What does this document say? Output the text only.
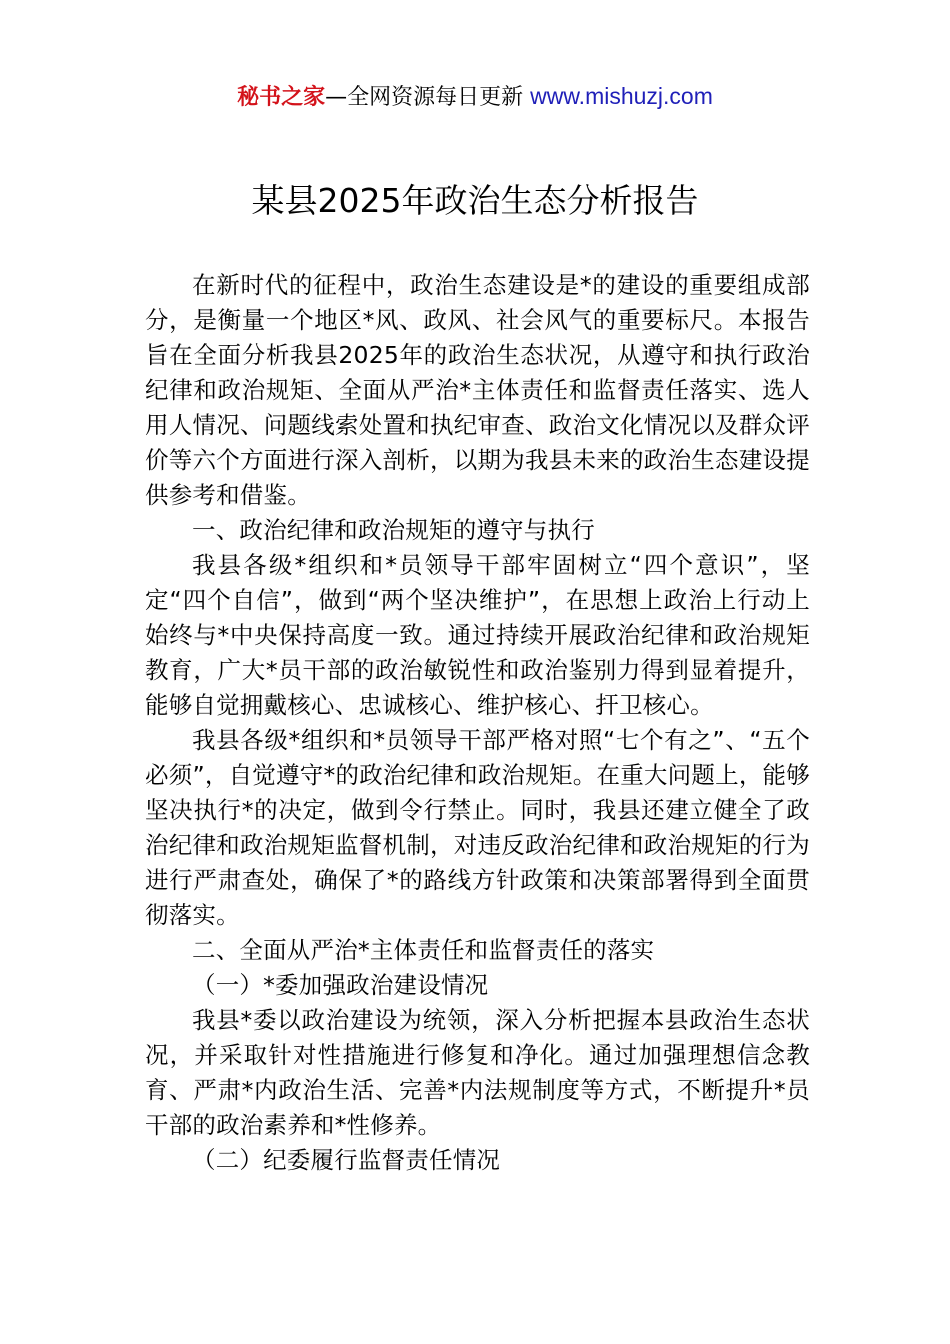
秘书之家—全网资源每日更新 www.mishuzj.com
某县2025年政治生态分析报告

在新时代的征程中，政治生态建设是*的建设的重要组成部分，是衡量一个地区*风、政风、社会风气的重要标尺。本报告旨在全面分析我县2025年的政治生态状况，从遵守和执行政治纪律和政治规矩、全面从严治*主体责任和监督责任落实、选人用人情况、问题线索处置和执纪审查、政治文化情况以及群众评价等六个方面进行深入剖析，以期为我县未来的政治生态建设提供参考和借鉴。

一、政治纪律和政治规矩的遵守与执行

我县各级*组织和*员领导干部牢固树立“四个意识”，坚定“四个自信”，做到“两个坚决维护”，在思想上政治上行动上始终与*中央保持高度一致。通过持续开展政治纪律和政治规矩教育，广大*员干部的政治敏锐性和政治鉴别力得到显着提升，能够自觉拥戴核心、忠诚核心、维护核心、扞卫核心。

我县各级*组织和*员领导干部严格对照“七个有之”、“五个必须”，自觉遵守*的政治纪律和政治规矩。在重大问题上，能够坚决执行*的决定，做到令行禁止。同时，我县还建立健全了政治纪律和政治规矩监督机制，对违反政治纪律和政治规矩的行为进行严肃查处，确保了*的路线方针政策和决策部署得到全面贯彻落实。

二、全面从严治*主体责任和监督责任的落实

（一）*委加强政治建设情况

我县*委以政治建设为统领，深入分析把握本县政治生态状况，并采取针对性措施进行修复和净化。通过加强理想信念教育、严肃*内政治生活、完善*内法规制度等方式，不断提升*员干部的政治素养和*性修养。

（二）纪委履行监督责任情况
